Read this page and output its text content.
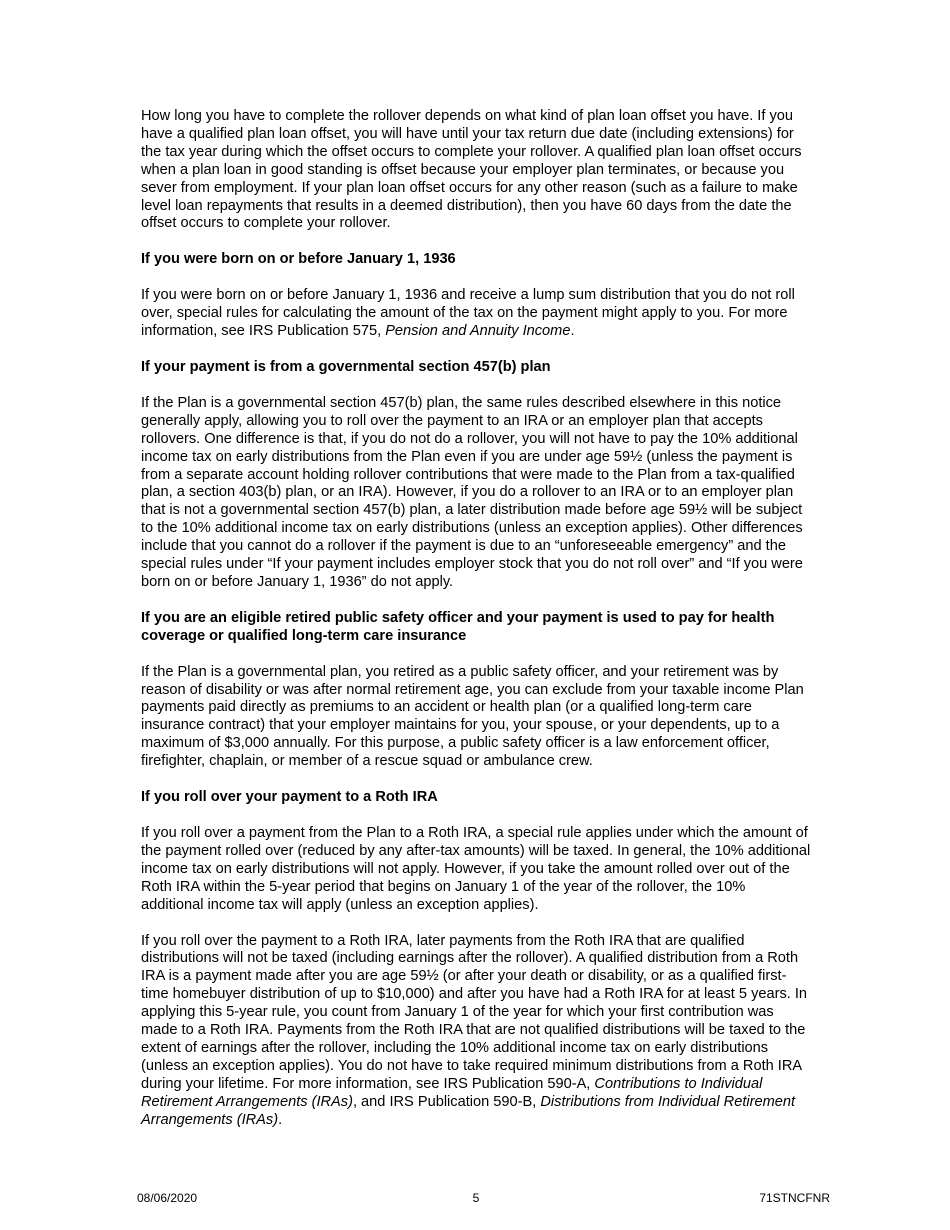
How long you have to complete the rollover depends on what kind of plan loan offset you have. If you have a qualified plan loan offset, you will have until your tax return due date (including extensions) for the tax year during which the offset occurs to complete your rollover. A qualified plan loan offset occurs when a plan loan in good standing is offset because your employer plan terminates, or because you sever from employment. If your plan loan offset occurs for any other reason (such as a failure to make level loan repayments that results in a deemed distribution), then you have 60 days from the date the offset occurs to complete your rollover.

If you were born on or before January 1, 1936

If you were born on or before January 1, 1936 and receive a lump sum distribution that you do not roll over, special rules for calculating the amount of the tax on the payment might apply to you. For more information, see IRS Publication 575, Pension and Annuity Income.

If your payment is from a governmental section 457(b) plan

If the Plan is a governmental section 457(b) plan, the same rules described elsewhere in this notice generally apply, allowing you to roll over the payment to an IRA or an employer plan that accepts rollovers. One difference is that, if you do not do a rollover, you will not have to pay the 10% additional income tax on early distributions from the Plan even if you are under age 59½ (unless the payment is from a separate account holding rollover contributions that were made to the Plan from a tax-qualified plan, a section 403(b) plan, or an IRA). However, if you do a rollover to an IRA or to an employer plan that is not a governmental section 457(b) plan, a later distribution made before age 59½ will be subject to the 10% additional income tax on early distributions (unless an exception applies). Other differences include that you cannot do a rollover if the payment is due to an “unforeseeable emergency” and the special rules under “If your payment includes employer stock that you do not roll over” and “If you were born on or before January 1, 1936” do not apply.

If you are an eligible retired public safety officer and your payment is used to pay for health coverage or qualified long-term care insurance

If the Plan is a governmental plan, you retired as a public safety officer, and your retirement was by reason of disability or was after normal retirement age, you can exclude from your taxable income Plan payments paid directly as premiums to an accident or health plan (or a qualified long-term care insurance contract) that your employer maintains for you, your spouse, or your dependents, up to a maximum of $3,000 annually. For this purpose, a public safety officer is a law enforcement officer, firefighter, chaplain, or member of a rescue squad or ambulance crew.

If you roll over your payment to a Roth IRA

If you roll over a payment from the Plan to a Roth IRA, a special rule applies under which the amount of the payment rolled over (reduced by any after-tax amounts) will be taxed. In general, the 10% additional income tax on early distributions will not apply. However, if you take the amount rolled over out of the Roth IRA within the 5-year period that begins on January 1 of the year of the rollover, the 10% additional income tax will apply (unless an exception applies).

If you roll over the payment to a Roth IRA, later payments from the Roth IRA that are qualified distributions will not be taxed (including earnings after the rollover). A qualified distribution from a Roth IRA is a payment made after you are age 59½ (or after your death or disability, or as a qualified first-time homebuyer distribution of up to $10,000) and after you have had a Roth IRA for at least 5 years. In applying this 5-year rule, you count from January 1 of the year for which your first contribution was made to a Roth IRA. Payments from the Roth IRA that are not qualified distributions will be taxed to the extent of earnings after the rollover, including the 10% additional income tax on early distributions (unless an exception applies). You do not have to take required minimum distributions from a Roth IRA during your lifetime. For more information, see IRS Publication 590-A, Contributions to Individual Retirement Arrangements (IRAs), and IRS Publication 590-B, Distributions from Individual Retirement Arrangements (IRAs).

08/06/2020	5	71STNCFNR
